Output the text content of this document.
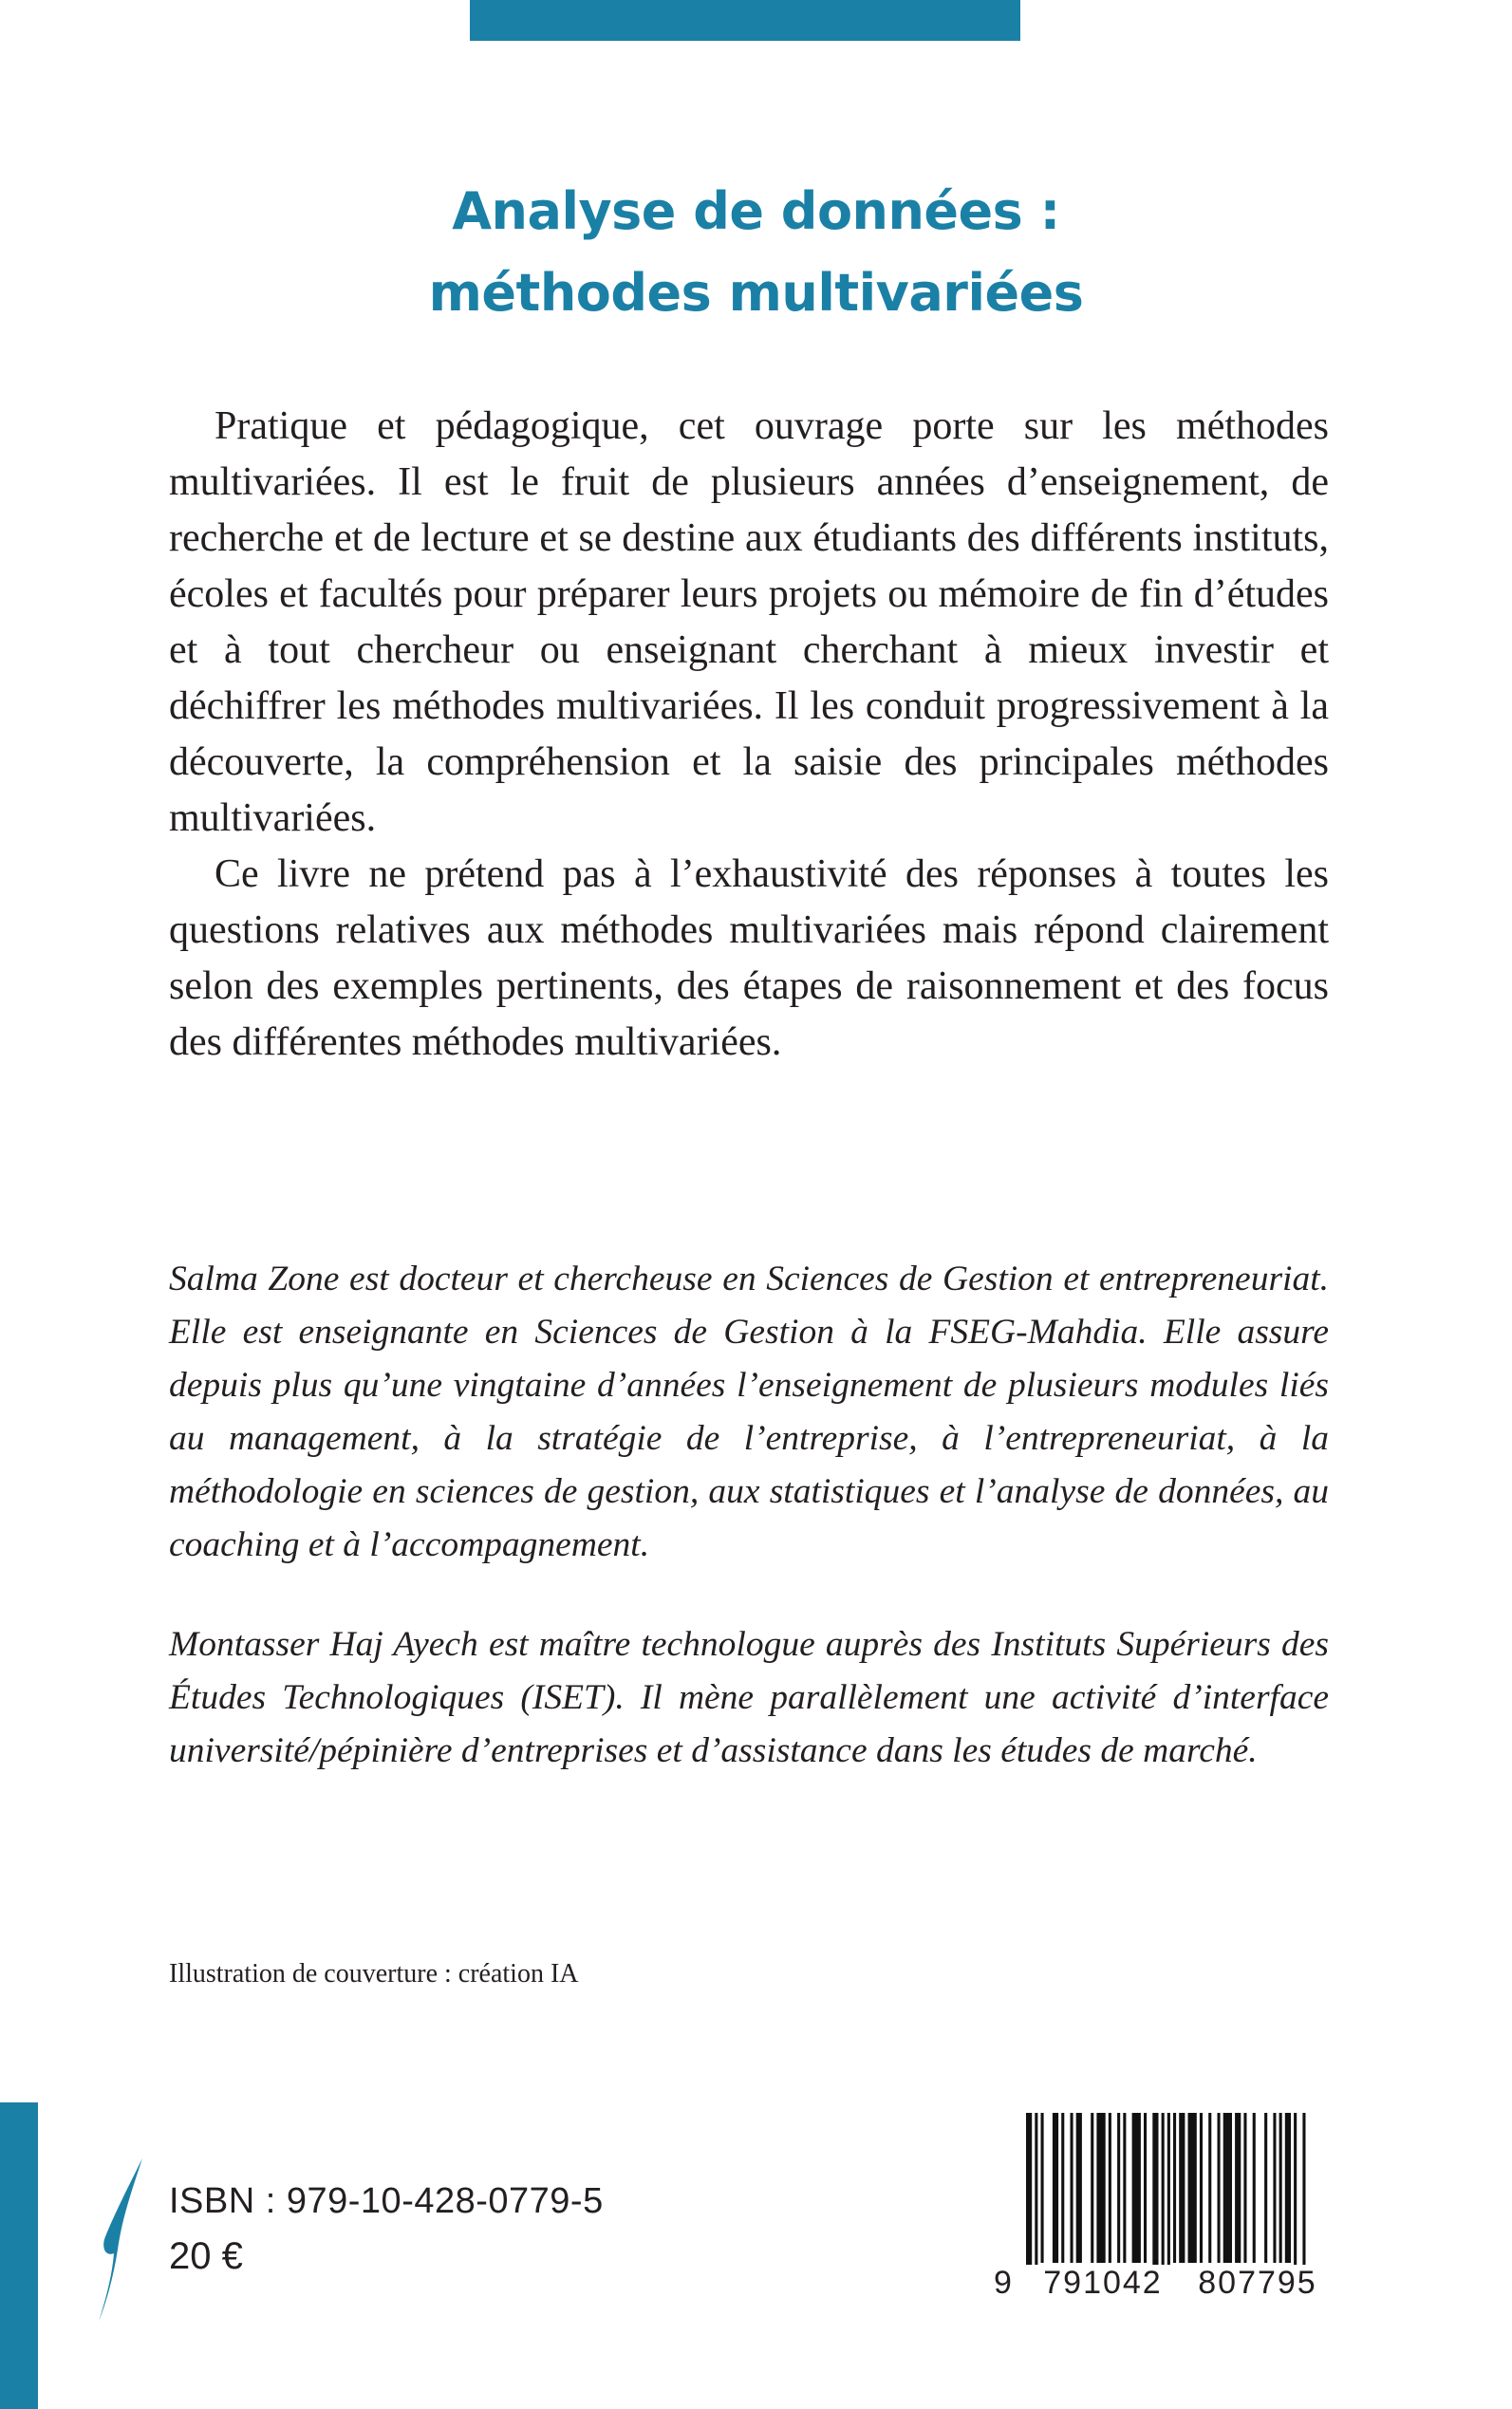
Analyse de données :
méthodes multivariées

Pratique et pédagogique, cet ouvrage porte sur les méthodes multivariées. Il est le fruit de plusieurs années d’enseignement, de recherche et de lecture et se destine aux étudiants des différents instituts, écoles et facultés pour préparer leurs projets ou mémoire de fin d’études et à tout chercheur ou enseignant cherchant à mieux investir et déchiffrer les méthodes multivariées. Il les conduit progressivement à la découverte, la compréhension et la saisie des principales méthodes multivariées.

Ce livre ne prétend pas à l’exhaustivité des réponses à toutes les questions relatives aux méthodes multivariées mais répond clairement selon des exemples pertinents, des étapes de raisonnement et des focus des différentes méthodes multivariées.

Salma Zone est docteur et chercheuse en Sciences de Gestion et entrepreneuriat. Elle est enseignante en Sciences de Gestion à la FSEG-Mahdia. Elle assure depuis plus qu’une vingtaine d’années l’enseignement de plusieurs modules liés au management, à la stratégie de l’entreprise, à l’entrepreneuriat, à la méthodologie en sciences de gestion, aux statistiques et l’analyse de données, au coaching et à l’accompagnement.

Montasser Haj Ayech est maître technologue auprès des Instituts Supérieurs des Études Technologiques (ISET). Il mène parallèlement une activité d’interface université/pépinière d’entreprises et d’assistance dans les études de marché.

Illustration de couverture : création IA
ISBN : 979-10-428-0779-5
20 €
9 791042	807795
